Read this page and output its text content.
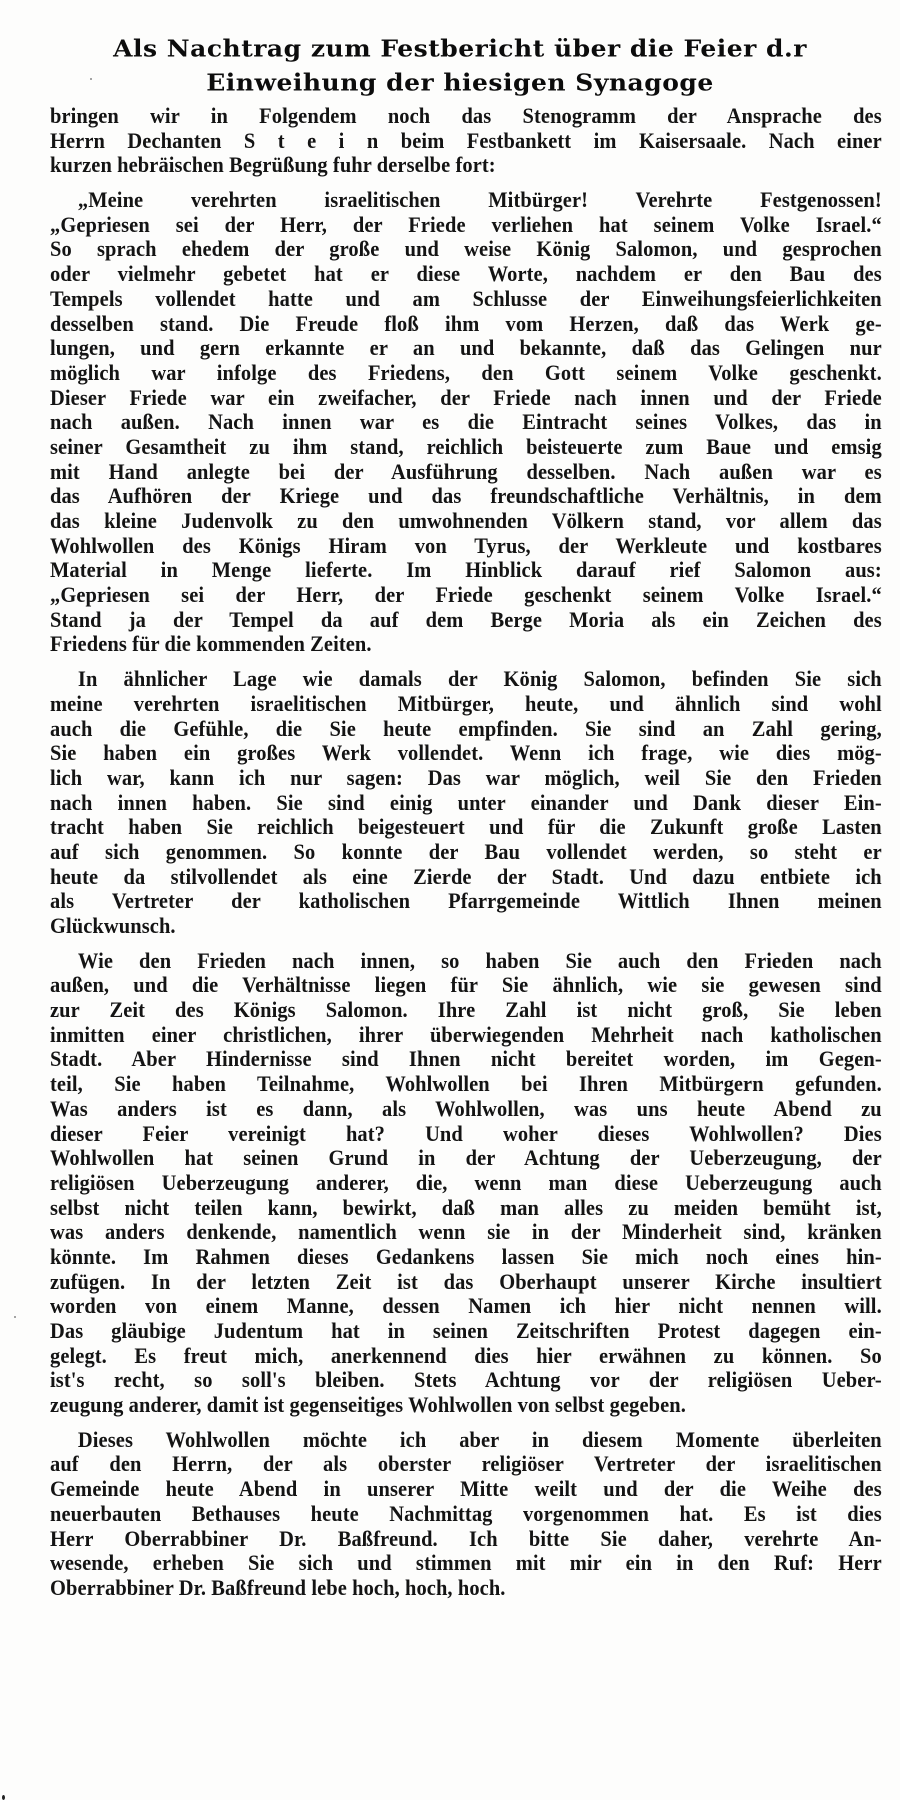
Als Nachtrag zum Festbericht über die Feier d.r
Einweihung der hiesigen Synagoge
bringen wir in Folgendem noch das Stenogramm der Ansprache des
Herrn Dechanten S t e i n beim Festbankett im Kaisersaale. Nach einer
kurzen hebräischen Begrüßung fuhr derselbe fort:
„Meine verehrten israelitischen Mitbürger! Verehrte Festgenossen!
„Gepriesen sei der Herr, der Friede verliehen hat seinem Volke Israel.“
So sprach ehedem der große und weise König Salomon, und gesprochen
oder vielmehr gebetet hat er diese Worte, nachdem er den Bau des
Tempels vollendet hatte und am Schlusse der Einweihungsfeierlichkeiten
desselben stand. Die Freude floß ihm vom Herzen, daß das Werk ge-
lungen, und gern erkannte er an und bekannte, daß das Gelingen nur
möglich war infolge des Friedens, den Gott seinem Volke geschenkt.
Dieser Friede war ein zweifacher, der Friede nach innen und der Friede
nach außen. Nach innen war es die Eintracht seines Volkes, das in
seiner Gesamtheit zu ihm stand, reichlich beisteuerte zum Baue und emsig
mit Hand anlegte bei der Ausführung desselben. Nach außen war es
das Aufhören der Kriege und das freundschaftliche Verhältnis, in dem
das kleine Judenvolk zu den umwohnenden Völkern stand, vor allem das
Wohlwollen des Königs Hiram von Tyrus, der Werkleute und kostbares
Material in Menge lieferte. Im Hinblick darauf rief Salomon aus:
„Gepriesen sei der Herr, der Friede geschenkt seinem Volke Israel.“
Stand ja der Tempel da auf dem Berge Moria als ein Zeichen des
Friedens für die kommenden Zeiten.
In ähnlicher Lage wie damals der König Salomon, befinden Sie sich
meine verehrten israelitischen Mitbürger, heute, und ähnlich sind wohl
auch die Gefühle, die Sie heute empfinden. Sie sind an Zahl gering,
Sie haben ein großes Werk vollendet. Wenn ich frage, wie dies mög-
lich war, kann ich nur sagen: Das war möglich, weil Sie den Frieden
nach innen haben. Sie sind einig unter einander und Dank dieser Ein-
tracht haben Sie reichlich beigesteuert und für die Zukunft große Lasten
auf sich genommen. So konnte der Bau vollendet werden, so steht er
heute da stilvollendet als eine Zierde der Stadt. Und dazu entbiete ich
als Vertreter der katholischen Pfarrgemeinde Wittlich Ihnen meinen
Glückwunsch.
Wie den Frieden nach innen, so haben Sie auch den Frieden nach
außen, und die Verhältnisse liegen für Sie ähnlich, wie sie gewesen sind
zur Zeit des Königs Salomon. Ihre Zahl ist nicht groß, Sie leben
inmitten einer christlichen, ihrer überwiegenden Mehrheit nach katholischen
Stadt. Aber Hindernisse sind Ihnen nicht bereitet worden, im Gegen-
teil, Sie haben Teilnahme, Wohlwollen bei Ihren Mitbürgern gefunden.
Was anders ist es dann, als Wohlwollen, was uns heute Abend zu
dieser Feier vereinigt hat? Und woher dieses Wohlwollen? Dies
Wohlwollen hat seinen Grund in der Achtung der Ueberzeugung, der
religiösen Ueberzeugung anderer, die, wenn man diese Ueberzeugung auch
selbst nicht teilen kann, bewirkt, daß man alles zu meiden bemüht ist,
was anders denkende, namentlich wenn sie in der Minderheit sind, kränken
könnte. Im Rahmen dieses Gedankens lassen Sie mich noch eines hin-
zufügen. In der letzten Zeit ist das Oberhaupt unserer Kirche insultiert
worden von einem Manne, dessen Namen ich hier nicht nennen will.
Das gläubige Judentum hat in seinen Zeitschriften Protest dagegen ein-
gelegt. Es freut mich, anerkennend dies hier erwähnen zu können. So
ist's recht, so soll's bleiben. Stets Achtung vor der religiösen Ueber-
zeugung anderer, damit ist gegenseitiges Wohlwollen von selbst gegeben.
Dieses Wohlwollen möchte ich aber in diesem Momente überleiten
auf den Herrn, der als oberster religiöser Vertreter der israelitischen
Gemeinde heute Abend in unserer Mitte weilt und der die Weihe des
neuerbauten Bethauses heute Nachmittag vorgenommen hat. Es ist dies
Herr Oberrabbiner Dr. Baßfreund. Ich bitte Sie daher, verehrte An-
wesende, erheben Sie sich und stimmen mit mir ein in den Ruf: Herr
Oberrabbiner Dr. Baßfreund lebe hoch, hoch, hoch.
